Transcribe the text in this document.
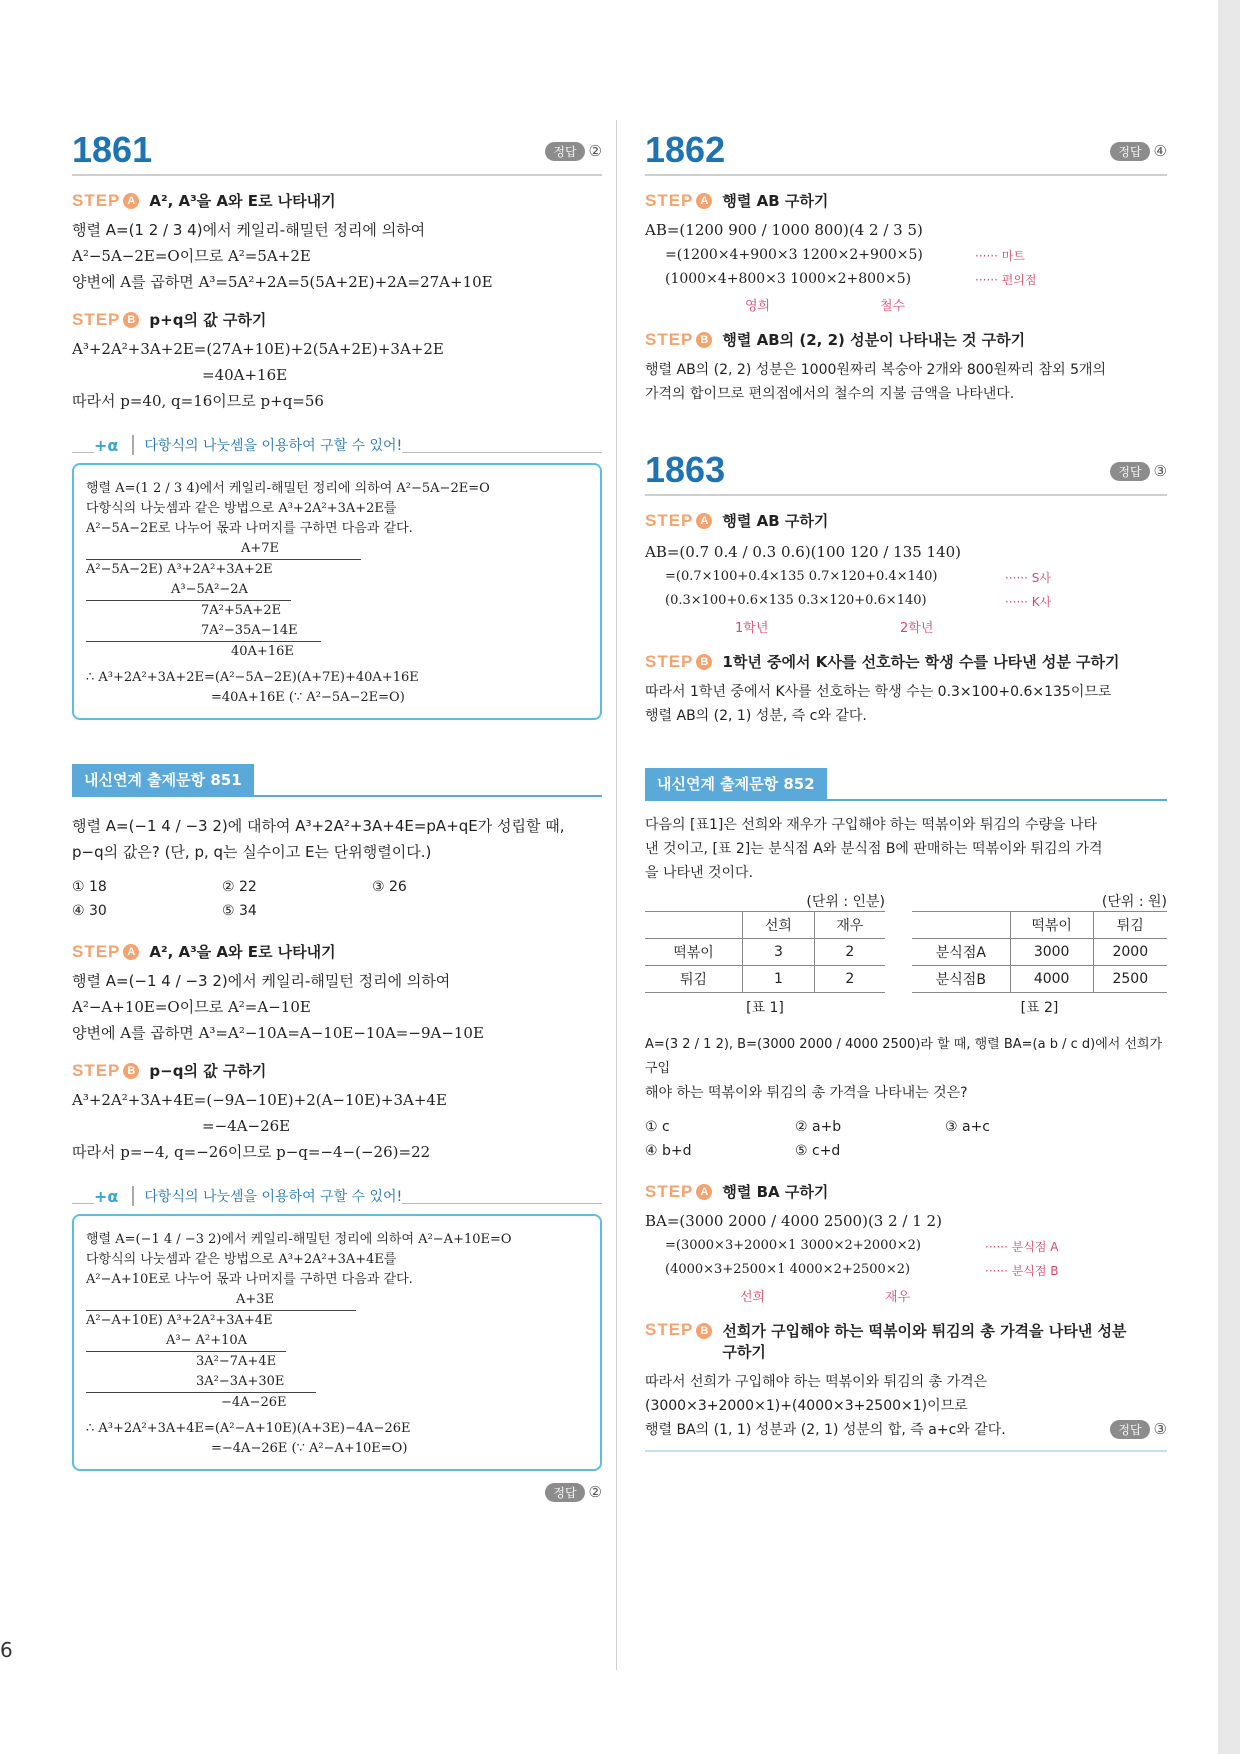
6
1861	정답 ②
STEP A A², A³을 A와 E로 나타내기
행렬 A=(1 2 / 3 4)에서 케일리-해밀턴 정리에 의하여
A²−5A−2E=O이므로 A²=5A+2E
양변에 A를 곱하면 A³=5A²+2A=5(5A+2E)+2A=27A+10E
STEP B p+q의 값 구하기
A³+2A²+3A+2E=(27A+10E)+2(5A+2E)+3A+2E
=40A+16E
따라서 p=40, q=16이므로 p+q=56
+α	다항식의 나눗셈을 이용하여 구할 수 있어!
행렬 A=(1 2 / 3 4)에서 케일리-해밀턴 정리에 의하여 A²−5A−2E=O
다항식의 나눗셈과 같은 방법으로 A³+2A²+3A+2E를
A²−5A−2E로 나누어 몫과 나머지를 구하면 다음과 같다.
A+7E
A²−5A−2E) A³+2A²+3A+2E
A³−5A²−2A
7A²+5A+2E
7A²−35A−14E
40A+16E
∴ A³+2A²+3A+2E=(A²−5A−2E)(A+7E)+40A+16E
=40A+16E (∵ A²−5A−2E=O)
내신연계 출제문항 851
행렬 A=(−1 4 / −3 2)에 대하여 A³+2A²+3A+4E=pA+qE가 성립할 때,
p−q의 값은? (단, p, q는 실수이고 E는 단위행렬이다.)
① 18	② 22	③ 26
④ 30	⑤ 34
STEP A A², A³을 A와 E로 나타내기
행렬 A=(−1 4 / −3 2)에서 케일리-해밀턴 정리에 의하여
A²−A+10E=O이므로 A²=A−10E
양변에 A를 곱하면 A³=A²−10A=A−10E−10A=−9A−10E
STEP B p−q의 값 구하기
A³+2A²+3A+4E=(−9A−10E)+2(A−10E)+3A+4E
=−4A−26E
따라서 p=−4, q=−26이므로 p−q=−4−(−26)=22
+α	다항식의 나눗셈을 이용하여 구할 수 있어!
행렬 A=(−1 4 / −3 2)에서 케일리-해밀턴 정리에 의하여 A²−A+10E=O
다항식의 나눗셈과 같은 방법으로 A³+2A²+3A+4E를
A²−A+10E로 나누어 몫과 나머지를 구하면 다음과 같다.
A+3E
A²−A+10E) A³+2A²+3A+4E
A³− A²+10A
3A²−7A+4E
3A²−3A+30E
−4A−26E
∴ A³+2A²+3A+4E=(A²−A+10E)(A+3E)−4A−26E
=−4A−26E (∵ A²−A+10E=O)
정답 ②
1862	정답 ④
STEP A 행렬 AB 구하기
AB=(1200 900 / 1000 800)(4 2 / 3 5)
=(1200×4+900×3 1200×2+900×5)
(1000×4+800×3 1000×2+800×5)
······ 마트
······ 편의점
영희	철수
STEP B 행렬 AB의 (2, 2) 성분이 나타내는 것 구하기
행렬 AB의 (2, 2) 성분은 1000원짜리 복숭아 2개와 800원짜리 참외 5개의
가격의 합이므로 편의점에서의 철수의 지불 금액을 나타낸다.
1863	정답 ③
STEP A 행렬 AB 구하기
AB=(0.7 0.4 / 0.3 0.6)(100 120 / 135 140)
=(0.7×100+0.4×135 0.7×120+0.4×140)
(0.3×100+0.6×135 0.3×120+0.6×140)
······ S사
······ K사
1학년	2학년
STEP B 1학년 중에서 K사를 선호하는 학생 수를 나타낸 성분 구하기
따라서 1학년 중에서 K사를 선호하는 학생 수는 0.3×100+0.6×135이므로
행렬 AB의 (2, 1) 성분, 즉 c와 같다.
내신연계 출제문항 852
다음의 [표1]은 선희와 재우가 구입해야 하는 떡볶이와 튀김의 수량을 나타
낸 것이고, [표 2]는 분식점 A와 분식점 B에 판매하는 떡볶이와 튀김의 가격
을 나타낸 것이다.
(단위 : 인분)
	선희	재우
떡볶이	3	2
튀김	1	2
[표 1]
(단위 : 원)
	떡볶이	튀김
분식점A	3000	2000
분식점B	4000	2500
[표 2]
A=(3 2 / 1 2), B=(3000 2000 / 4000 2500)라 할 때, 행렬 BA=(a b / c d)에서 선희가 구입
해야 하는 떡볶이와 튀김의 총 가격을 나타내는 것은?
① c	② a+b	③ a+c
④ b+d	⑤ c+d
STEP A 행렬 BA 구하기
BA=(3000 2000 / 4000 2500)(3 2 / 1 2)
=(3000×3+2000×1 3000×2+2000×2)
(4000×3+2500×1 4000×2+2500×2)
······ 분식점 A
······ 분식점 B
선희	재우
STEP B 선희가 구입해야 하는 떡볶이와 튀김의 총 가격을 나타낸 성분
구하기
따라서 선희가 구입해야 하는 떡볶이와 튀김의 총 가격은
(3000×3+2000×1)+(4000×3+2500×1)이므로
행렬 BA의 (1, 1) 성분과 (2, 1) 성분의 합, 즉 a+c와 같다.	정답 ③
